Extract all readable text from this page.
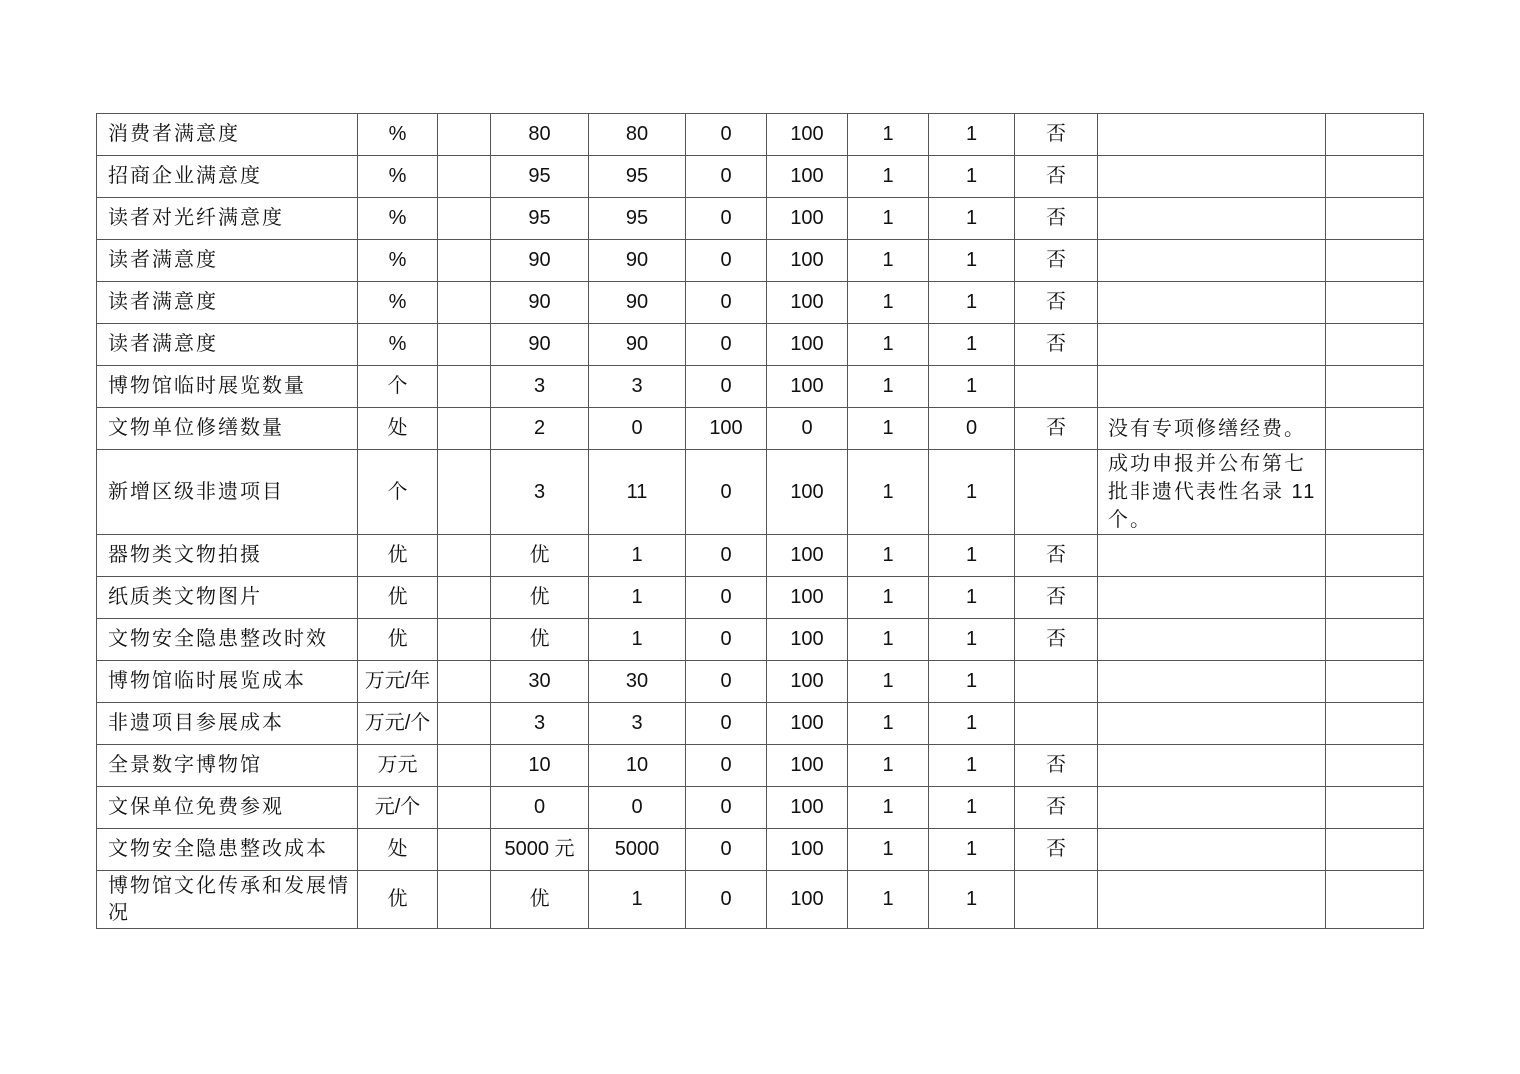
消费者满意度	%		80	80	0	100	1	1	否		
招商企业满意度	%		95	95	0	100	1	1	否		
读者对光纤满意度	%		95	95	0	100	1	1	否		
读者满意度	%		90	90	0	100	1	1	否		
读者满意度	%		90	90	0	100	1	1	否		
读者满意度	%		90	90	0	100	1	1	否		
博物馆临时展览数量	个		3	3	0	100	1	1			
文物单位修缮数量	处		2	0	100	0	1	0	否	没有专项修缮经费。	
新增区级非遗项目	个		3	11	0	100	1	1		成功申报并公布第七批非遗代表性名录 11 个。	
器物类文物拍摄	优		优	1	0	100	1	1	否		
纸质类文物图片	优		优	1	0	100	1	1	否		
文物安全隐患整改时效	优		优	1	0	100	1	1	否		
博物馆临时展览成本	万元/年		30	30	0	100	1	1			
非遗项目参展成本	万元/个		3	3	0	100	1	1			
全景数字博物馆	万元		10	10	0	100	1	1	否		
文保单位免费参观	元/个		0	0	0	100	1	1	否		
文物安全隐患整改成本	处		5000 元	5000	0	100	1	1	否		
博物馆文化传承和发展情况	优		优	1	0	100	1	1			
